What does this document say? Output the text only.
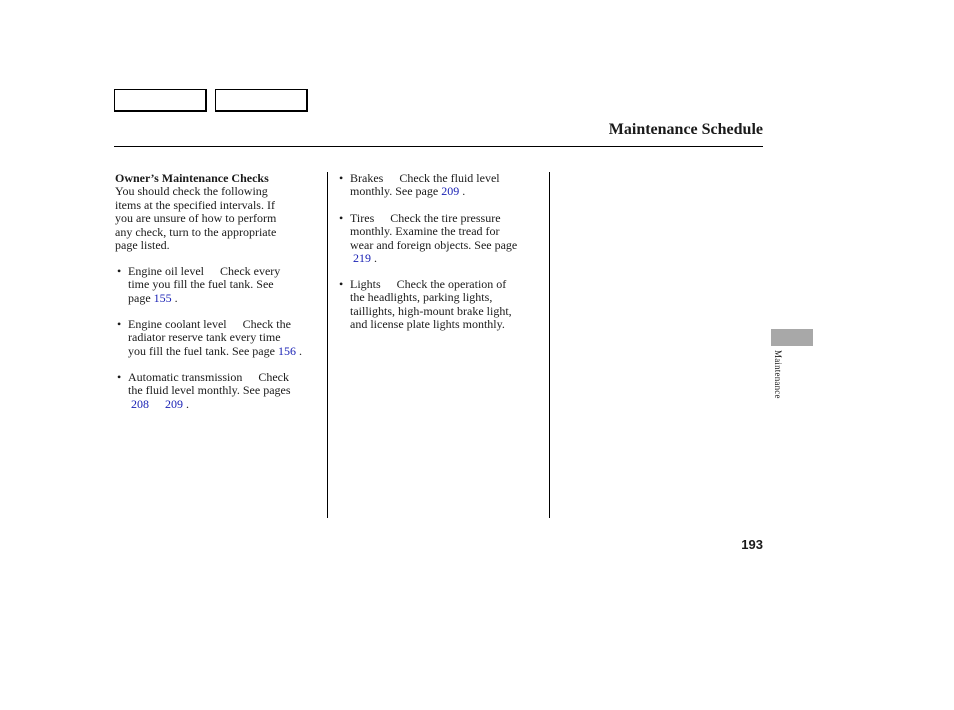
Maintenance Schedule

Owner’s Maintenance Checks

You should check the following

items at the specified intervals. If

you are unsure of how to perform

any check, turn to the appropriate

page listed.

• Engine oil level Check every

time you fill the fuel tank. See

page 155 .

• Engine coolant level Check the

radiator reserve tank every time

you fill the fuel tank. See page 156 .

• Automatic transmission Check

the fluid level monthly. See pages

208 209 .

• Brakes Check the fluid level

monthly. See page 209 .

• Tires Check the tire pressure

monthly. Examine the tread for

wear and foreign objects. See page

219 .

• Lights Check the operation of

the headlights, parking lights,

taillights, high-mount brake light,

and license plate lights monthly.

Maintenance
193
